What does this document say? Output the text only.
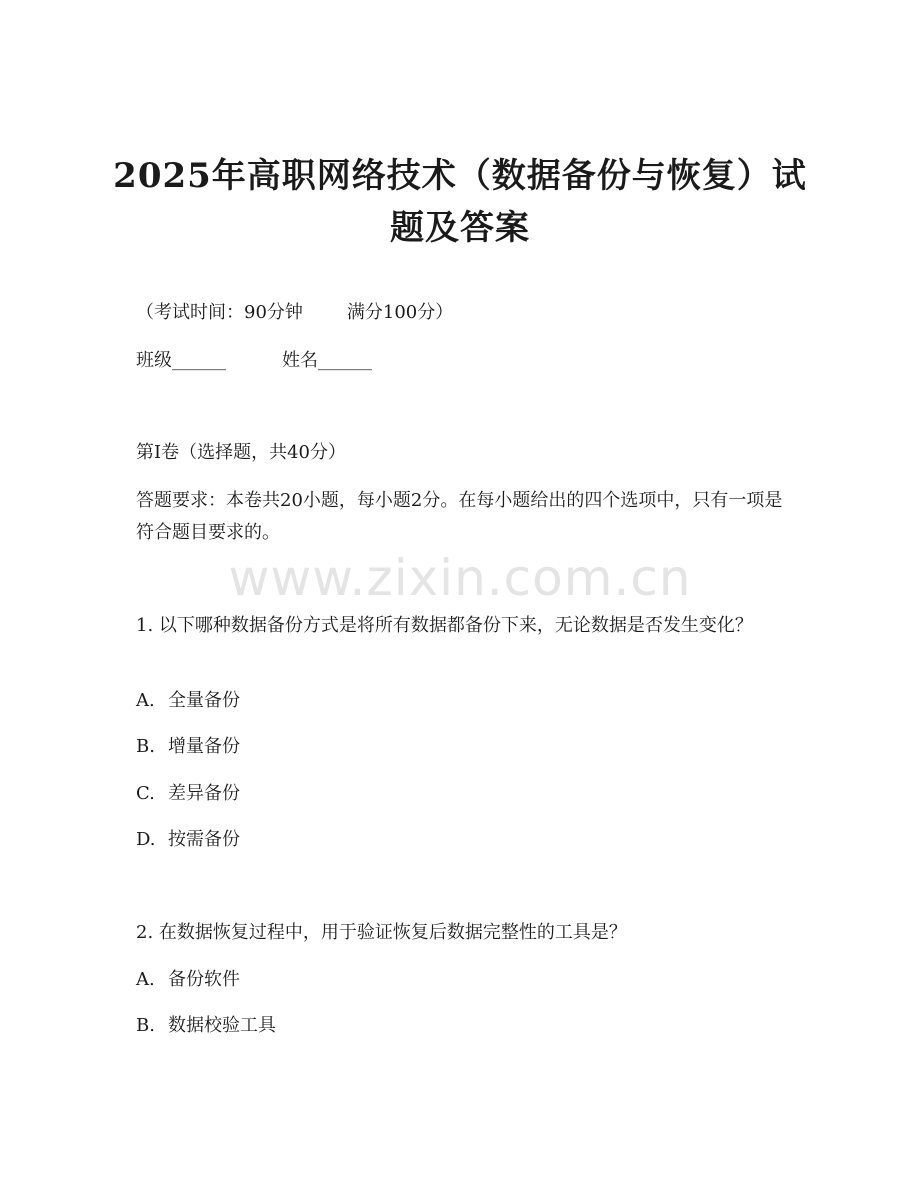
2025年高职网络技术（数据备份与恢复）试题及答案

（考试时间：90分钟 满分100分）

班级______	姓名______

第I卷（选择题，共40分）

答题要求：本卷共20小题，每小题2分。在每小题给出的四个选项中，只有一项是符合题目要求的。

www.zixin.com.cn

1. 以下哪种数据备份方式是将所有数据都备份下来，无论数据是否发生变化？

A. 全量备份

B. 增量备份

C. 差异备份

D. 按需备份

2. 在数据恢复过程中，用于验证恢复后数据完整性的工具是？

A. 备份软件

B. 数据校验工具
